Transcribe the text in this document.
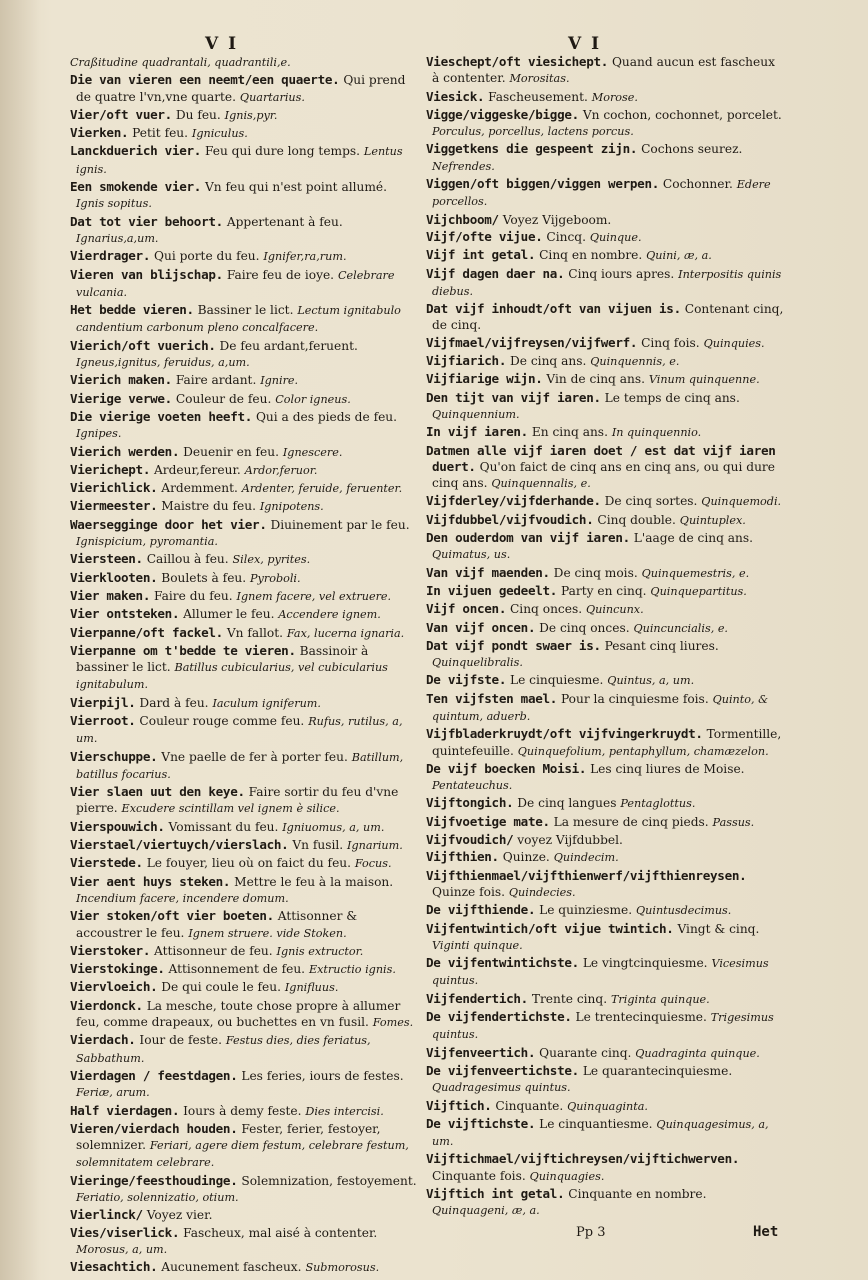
V I	V I
Craßitudine quadrantali, quadrantili,e.
Die van vieren een neemt/een quaerte. Qui prend de quatre l'vn,vne quarte. Quartarius.
Vier/oft vuer. Du feu. Ignis,pyr.
Vierken. Petit feu. Igniculus.
Lanckduerich vier. Feu qui dure long temps. Lentus ignis.
Een smokende vier. Vn feu qui n'est point allumé. Ignis sopitus.
Dat tot vier behoort. Appertenant à feu. Ignarius,a,um.
Vierdrager. Qui porte du feu. Ignifer,ra,rum.
Vieren van blijschap. Faire feu de ioye. Celebrare vulcania.
Het bedde vieren. Bassiner le lict. Lectum ignitabulo candentium carbonum pleno concalfacere.
Vierich/oft vuerich. De feu ardant,feruent. Igneus,ignitus, feruidus, a,um.
Vierich maken. Faire ardant. Ignire.
Vierige verwe. Couleur de feu. Color igneus.
Die vierige voeten heeft. Qui a des pieds de feu. Ignipes.
Vierich werden. Deuenir en feu. Ignescere.
Vierichept. Ardeur,fereur. Ardor,feruor.
Vierichlick. Ardemment. Ardenter, feruide, feruenter.
Viermeester. Maistre du feu. Ignipotens.
Waersegginge door het vier. Diuinement par le feu. Ignispicium, pyromantia.
Viersteen. Caillou à feu. Silex, pyrites.
Vierklooten. Boulets à feu. Pyroboli.
Vier maken. Faire du feu. Ignem facere, vel extruere.
Vier ontsteken. Allumer le feu. Accendere ignem.
Vierpanne/oft fackel. Vn fallot. Fax, lucerna ignaria.
Vierpanne om t'bedde te vieren. Bassinoir à bassiner le lict. Batillus cubicularius, vel cubicularius ignitabulum.
Vierpijl. Dard à feu. Iaculum igniferum.
Vierroot. Couleur rouge comme feu. Rufus, rutilus, a, um.
Vierschuppe. Vne paelle de fer à porter feu. Batillum, batillus focarius.
Vier slaen uut den keye. Faire sortir du feu d'vne pierre. Excudere scintillam vel ignem è silice.
Vierspouwich. Vomissant du feu. Igniuomus, a, um.
Vierstael/viertuych/vierslach. Vn fusil. Ignarium.
Vierstede. Le fouyer, lieu où on faict du feu. Focus.
Vier aent huys steken. Mettre le feu à la maison. Incendium facere, incendere domum.
Vier stoken/oft vier boeten. Attisonner & accoustrer le feu. Ignem struere. vide Stoken.
Vierstoker. Attisonneur de feu. Ignis extructor.
Vierstokinge. Attisonnement de feu. Extructio ignis.
Viervloeich. De qui coule le feu. Ignifluus.
Vierdonck. La mesche, toute chose propre à allumer feu, comme drapeaux, ou buchettes en vn fusil. Fomes.
Vierdach. Iour de feste. Festus dies, dies feriatus, Sabbathum.
Vierdagen / feestdagen. Les feries, iours de festes. Feriæ, arum.
Half vierdagen. Iours à demy feste. Dies intercisi.
Vieren/vierdach houden. Fester, ferier, festoyer, solemnizer. Feriari, agere diem festum, celebrare festum, solemnitatem celebrare.
Vieringe/feesthoudinge. Solemnization, festoyement. Feriatio, solennizatio, otium.
Vierlinck/ Voyez vier.
Vies/viserlick. Fascheux, mal aisé à contenter. Morosus, a, um.
Viesachtich. Aucunement fascheux. Submorosus.
Vieschept/oft viesichept. Quand aucun est fascheux à contenter. Morositas.
Viesick. Fascheusement. Morose.
Vigge/viggeske/bigge. Vn cochon, cochonnet, porcelet. Porculus, porcellus, lactens porcus.
Viggetkens die gespeent zijn. Cochons seurez. Nefrendes.
Viggen/oft biggen/viggen werpen. Cochonner. Edere porcellos.
Vijchboom/ Voyez Vijgeboom.
Vijf/ofte vijue. Cincq. Quinque.
Vijf int getal. Cinq en nombre. Quini, æ, a.
Vijf dagen daer na. Cinq iours apres. Interpositis quinis diebus.
Dat vijf inhoudt/oft van vijuen is. Contenant cinq, de cinq.
Vijfmael/vijfreysen/vijfwerf. Cinq fois. Quinquies.
Vijfiarich. De cinq ans. Quinquennis, e.
Vijfiarige wijn. Vin de cinq ans. Vinum quinquenne.
Den tijt van vijf iaren. Le temps de cinq ans. Quinquennium.
In vijf iaren. En cinq ans. In quinquennio.
Datmen alle vijf iaren doet / est dat vijf iaren duert. Qu'on faict de cinq ans en cinq ans, ou qui dure cinq ans. Quinquennalis, e.
Vijfderley/vijfderhande. De cinq sortes. Quinquemodi.
Vijfdubbel/vijfvoudich. Cinq double. Quintuplex.
Den ouderdom van vijf iaren. L'aage de cinq ans. Quimatus, us.
Van vijf maenden. De cinq mois. Quinquemestris, e.
In vijuen gedeelt. Party en cinq. Quinquepartitus.
Vijf oncen. Cinq onces. Quincunx.
Van vijf oncen. De cinq onces. Quincuncialis, e.
Dat vijf pondt swaer is. Pesant cinq liures. Quinquelibralis.
De vijfste. Le cinquiesme. Quintus, a, um.
Ten vijfsten mael. Pour la cinquiesme fois. Quinto, & quintum, aduerb.
Vijfbladerkruydt/oft vijfvingerkruydt. Tormentille, quintefeuille. Quinquefolium, pentaphyllum, chamæzelon.
De vijf boecken Moisi. Les cinq liures de Moise. Pentateuchus.
Vijftongich. De cinq langues Pentaglottus.
Vijfvoetige mate. La mesure de cinq pieds. Passus.
Vijfvoudich/ voyez Vijfdubbel.
Vijfthien. Quinze. Quindecim.
Vijfthienmael/vijfthienwerf/vijfthienreysen. Quinze fois. Quindecies.
De vijfthiende. Le quinziesme. Quintusdecimus.
Vijfentwintich/oft vijue twintich. Vingt & cinq. Viginti quinque.
De vijfentwintichste. Le vingtcinquiesme. Vicesimus quintus.
Vijfendertich. Trente cinq. Triginta quinque.
De vijfendertichste. Le trentecinquiesme. Trigesimus quintus.
Vijfenveertich. Quarante cinq. Quadraginta quinque.
De vijfenveertichste. Le quarantecinquiesme. Quadragesimus quintus.
Vijftich. Cinquante. Quinquaginta.
De vijftichste. Le cinquantiesme. Quinquagesimus, a, um.
Vijftichmael/vijftichreysen/vijftichwerven. Cinquante fois. Quinquagies.
Vijftich int getal. Cinquante en nombre. Quinquageni, æ, a.
Pp 3	Het
